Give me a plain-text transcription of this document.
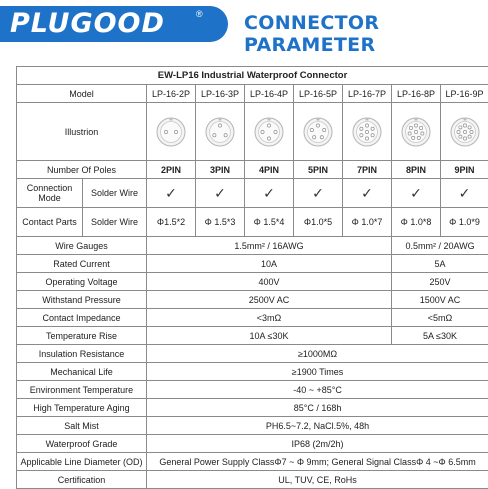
PLUGOOD	® CONNECTOR PARAMETER
EW-LP16 Industrial Waterproof Connector								
Model		LP-16-2P	LP-16-3P	LP-16-4P	LP-16-5P	LP-16-7P	LP-16-8P	LP-16-9P
Illustrion	

Number Of Poles		2PIN	3PIN	4PIN	5PIN	7PIN	8PIN	9PIN
Connection Mode	Solder Wire	✓	✓	✓	✓	✓	✓	✓
Contact Parts	Solder Wire	Φ1.5*2	Φ 1.5*3	Φ 1.5*4	Φ1.0*5	Φ 1.0*7	Φ 1.0*8	Φ 1.0*9
Wire Gauges		1.5mm² / 16AWG					0.5mm² / 20AWG	
Rated Current		10A					5A	
Operating Voltage		400V					250V	
Withstand Pressure		2500V AC					1500V AC	
Contact Impedance		<3mΩ					<5mΩ	
Temperature Rise		10A ≤30K					5A ≤30K	
Insulation Resistance		≥1000MΩ						
Mechanical Life		≥1900 Times						
Environment Temperature		-40 ~ +85°C						
High Temperature Aging		85°C / 168h						
Salt Mist		PH6.5~7.2, NaCl.5%, 48h						
Waterproof Grade		IP68 (2m/2h)						
Applicable Line Diameter (OD)		General Power Supply ClassΦ7 ~ Φ 9mm; General Signal ClassΦ 4 ~Φ 6.5mm						
Certification		UL, TUV, CE, RoHs						
